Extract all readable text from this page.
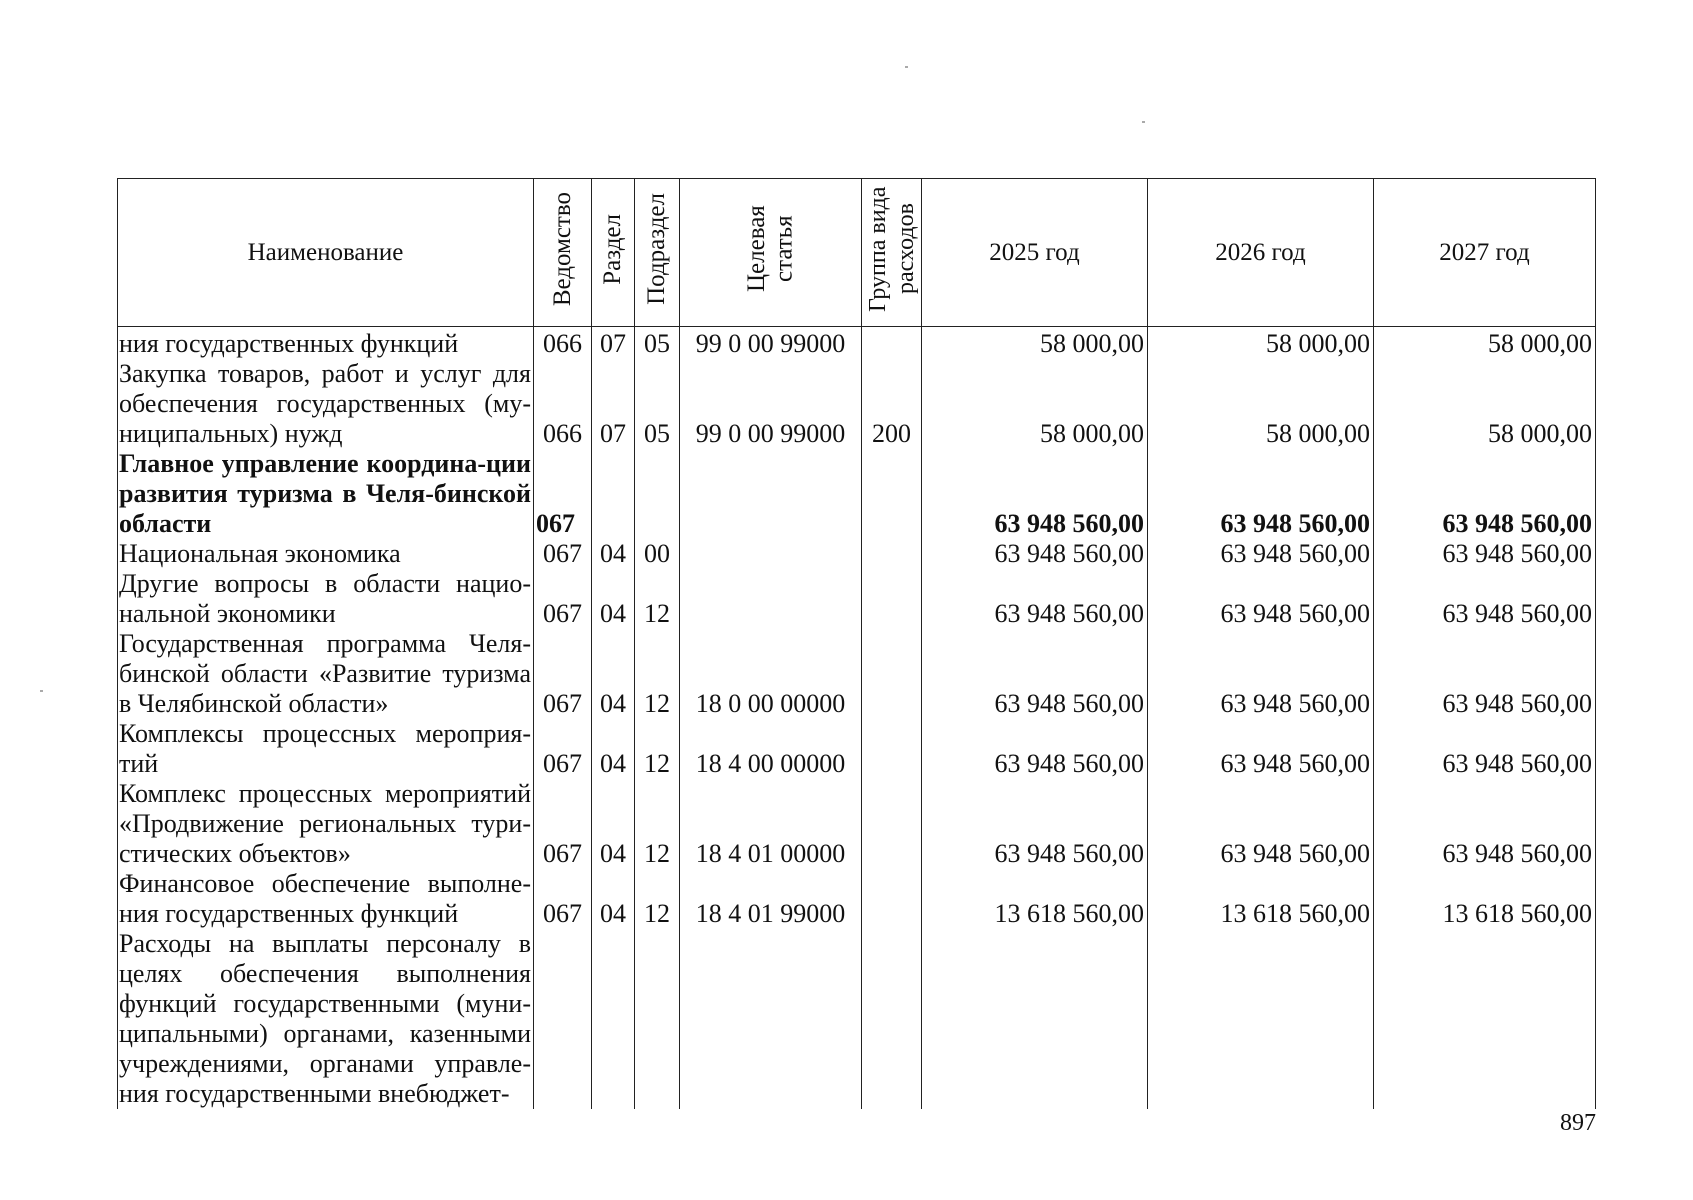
Наименование	Ведомство	Раздел	Подраздел	Целевая статья	Группа вида расходов	2025 год	2026 год	2027 год
ния государственных функций	066	07	05	99 0 00 99000		58 000,00	58 000,00	58 000,00
Закупка товаров, работ и услуг для обеспечения государственных (му-ниципальных) нужд	066	07	05	99 0 00 99000	200	58 000,00	58 000,00	58 000,00
Главное управление координа-ции развития туризма в Челя-бинской области	067					63 948 560,00	63 948 560,00	63 948 560,00
Национальная экономика	067	04	00			63 948 560,00	63 948 560,00	63 948 560,00
Другие вопросы в области нацио-нальной экономики	067	04	12			63 948 560,00	63 948 560,00	63 948 560,00
Государственная программа Челя-бинской области «Развитие туризма в Челябинской области»	067	04	12	18 0 00 00000		63 948 560,00	63 948 560,00	63 948 560,00
Комплексы процессных мероприя-тий	067	04	12	18 4 00 00000		63 948 560,00	63 948 560,00	63 948 560,00
Комплекс процессных мероприятий «Продвижение региональных тури-стических объектов»	067	04	12	18 4 01 00000		63 948 560,00	63 948 560,00	63 948 560,00
Финансовое обеспечение выполне-ния государственных функций	067	04	12	18 4 01 99000		13 618 560,00	13 618 560,00	13 618 560,00
Расходы на выплаты персоналу в целях обеспечения выполнения функций государственными (муни-ципальными) органами, казенными учреждениями, органами управле-ния государственными внебюджет-								
897
